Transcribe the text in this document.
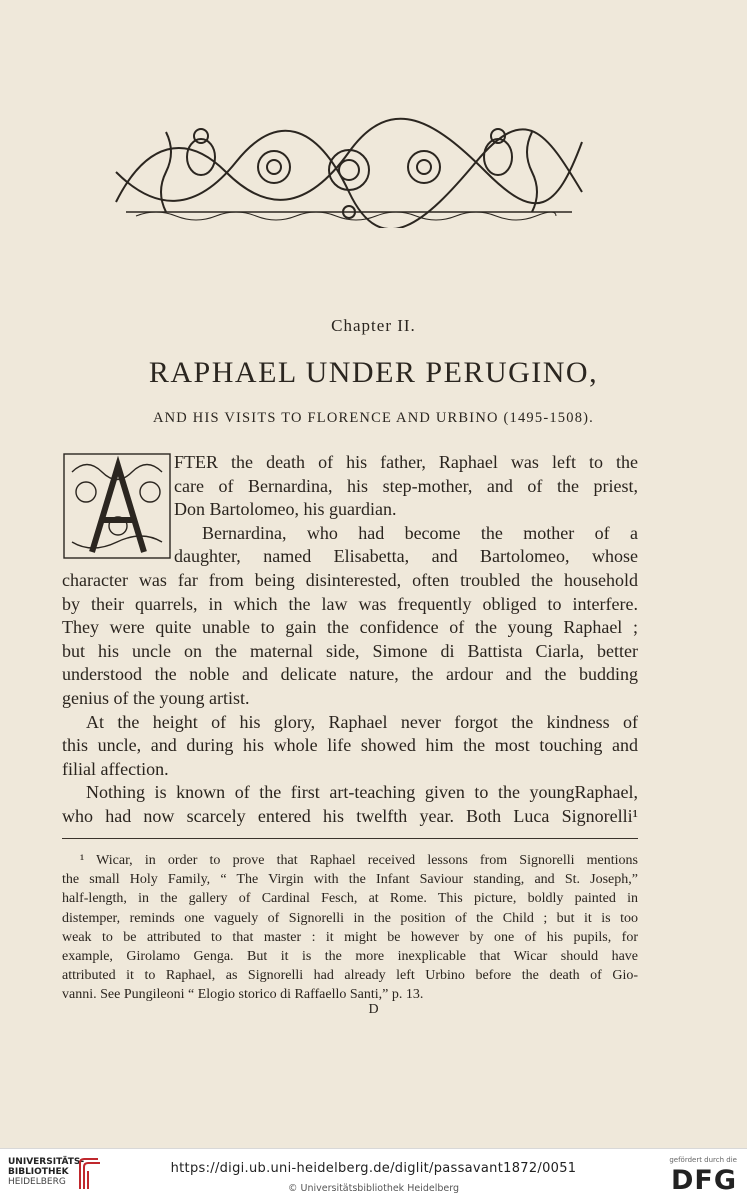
Chapter II.
RAPHAEL UNDER PERUGINO,
AND HIS VISITS TO FLORENCE AND URBINO (1495-1508).
FTER the death of his father, Raphael was left to the
care of Bernardina, his step-mother, and of the priest,
Don Bartolomeo, his guardian.
Bernardina, who had become the mother of a
daughter, named Elisabetta, and Bartolomeo, whose
character was far from being disinterested, often troubled the household
by their quarrels, in which the law was frequently obliged to interfere.
They were quite unable to gain the confidence of the young Raphael ;
but his uncle on the maternal side, Simone di Battista Ciarla, better
understood the noble and delicate nature, the ardour and the budding
genius of the young artist.
At the height of his glory, Raphael never forgot the kindness of
this uncle, and during his whole life showed him the most touching and
filial affection.
Nothing is known of the first art-teaching given to the youngRaphael,
who had now scarcely entered his twelfth year. Both Luca Signorelli¹
¹ Wicar, in order to prove that Raphael received lessons from Signorelli mentions
the small Holy Family, “ The Virgin with the Infant Saviour standing, and St. Joseph,”
half-length, in the gallery of Cardinal Fesch, at Rome. This picture, boldly painted in
distemper, reminds one vaguely of Signorelli in the position of the Child ; but it is too
weak to be attributed to that master : it might be however by one of his pupils, for
example, Girolamo Genga. But it is the more inexplicable that Wicar should have
attributed it to Raphael, as Signorelli had already left Urbino before the death of Gio-
vanni. See Pungileoni “ Elogio storico di Raffaello Santi,” p. 13.
D
UNIVERSITÄTS-
BIBLIOTHEK
HEIDELBERG
https://digi.ub.uni-heidelberg.de/diglit/passavant1872/0051
© Universitätsbibliothek Heidelberg
gefördert durch die
DFG
